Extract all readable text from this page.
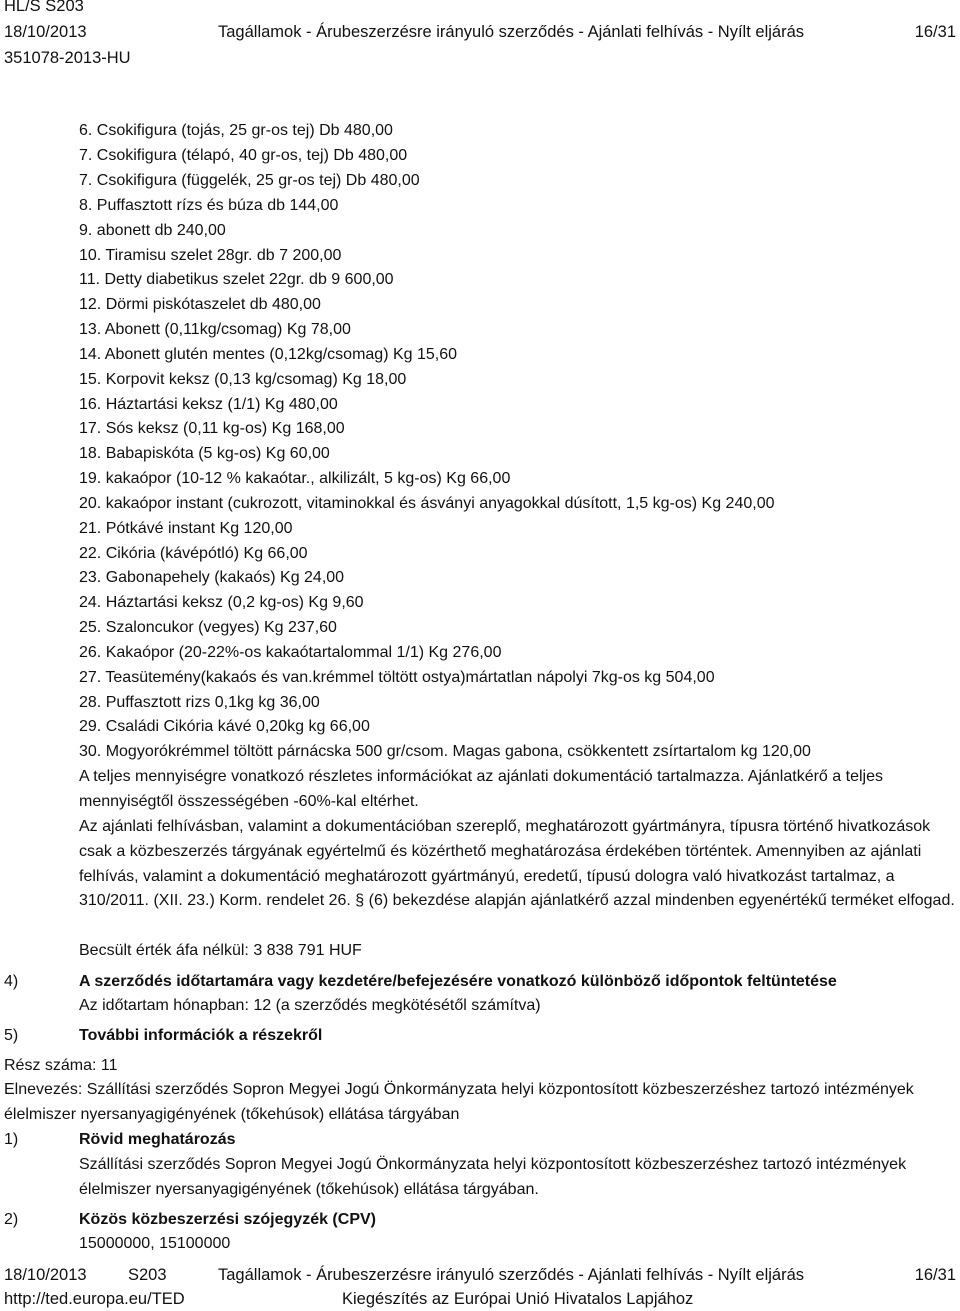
HL/S S203
18/10/2013	Tagállamok - Árubeszerzésre irányuló szerződés - Ajánlati felhívás - Nyílt eljárás	16/31
351078-2013-HU
6. Csokifigura (tojás, 25 gr-os tej) Db 480,00
7. Csokifigura (télapó, 40 gr-os, tej) Db 480,00
7. Csokifigura (függelék, 25 gr-os tej) Db 480,00
8. Puffasztott rízs és búza db 144,00
9. abonett db 240,00
10. Tiramisu szelet 28gr. db 7 200,00
11. Detty diabetikus szelet 22gr. db 9 600,00
12. Dörmi piskótaszelet db 480,00
13. Abonett (0,11kg/csomag) Kg 78,00
14. Abonett glutén mentes (0,12kg/csomag) Kg 15,60
15. Korpovit keksz (0,13 kg/csomag) Kg 18,00
16. Háztartási keksz (1/1) Kg 480,00
17. Sós keksz (0,11 kg-os) Kg 168,00
18. Babapiskóta (5 kg-os) Kg 60,00
19. kakaópor (10-12 % kakaótar., alkilizált, 5 kg-os) Kg 66,00
20. kakaópor instant (cukrozott, vitaminokkal és ásványi anyagokkal dúsított, 1,5 kg-os) Kg 240,00
21. Pótkávé instant Kg 120,00
22. Cikória (kávépótló) Kg 66,00
23. Gabonapehely (kakaós) Kg 24,00
24. Háztartási keksz (0,2 kg-os) Kg 9,60
25. Szaloncukor (vegyes) Kg 237,60
26. Kakaópor (20-22%-os kakaótartalommal 1/1) Kg 276,00
27. Teasütemény(kakaós és van.krémmel töltött ostya)mártatlan nápolyi 7kg-os kg 504,00
28. Puffasztott rizs 0,1kg kg 36,00
29. Családi Cikória kávé 0,20kg kg 66,00
30. Mogyorókrémmel töltött párnácska 500 gr/csom. Magas gabona, csökkentett zsírtartalom kg 120,00
A teljes mennyiségre vonatkozó részletes információkat az ajánlati dokumentáció tartalmazza. Ajánlatkérő a teljes mennyiségtől összességében -60%-kal eltérhet.
Az ajánlati felhívásban, valamint a dokumentációban szereplő, meghatározott gyártmányra, típusra történő hivatkozások csak a közbeszerzés tárgyának egyértelmű és közérthető meghatározása érdekében történtek. Amennyiben az ajánlati felhívás, valamint a dokumentáció meghatározott gyártmányú, eredetű, típusú dologra való hivatkozást tartalmaz, a 310/2011. (XII. 23.) Korm. rendelet 26. § (6) bekezdése alapján ajánlatkérő azzal mindenben egyenértékű terméket elfogad.
Becsült érték áfa nélkül: 3 838 791 HUF
4)	A szerződés időtartamára vagy kezdetére/befejezésére vonatkozó különböző időpontok feltüntetése
Az időtartam hónapban: 12 (a szerződés megkötésétől számítva)
5)	További információk a részekről
Rész száma: 11
Elnevezés: Szállítási szerződés Sopron Megyei Jogú Önkormányzata helyi központosított közbeszerzéshez tartozó intézmények élelmiszer nyersanyagigényének (tőkehúsok) ellátása tárgyában
1)	Rövid meghatározás
Szállítási szerződés Sopron Megyei Jogú Önkormányzata helyi központosított közbeszerzéshez tartozó intézmények élelmiszer nyersanyagigényének (tőkehúsok) ellátása tárgyában.
2)	Közös közbeszerzési szójegyzék (CPV)
15000000, 15100000
18/10/2013	S203	Tagállamok - Árubeszerzésre irányuló szerződés - Ajánlati felhívás - Nyílt eljárás	16/31
http://ted.europa.eu/TED	Kiegészítés az Európai Unió Hivatalos Lapjához
